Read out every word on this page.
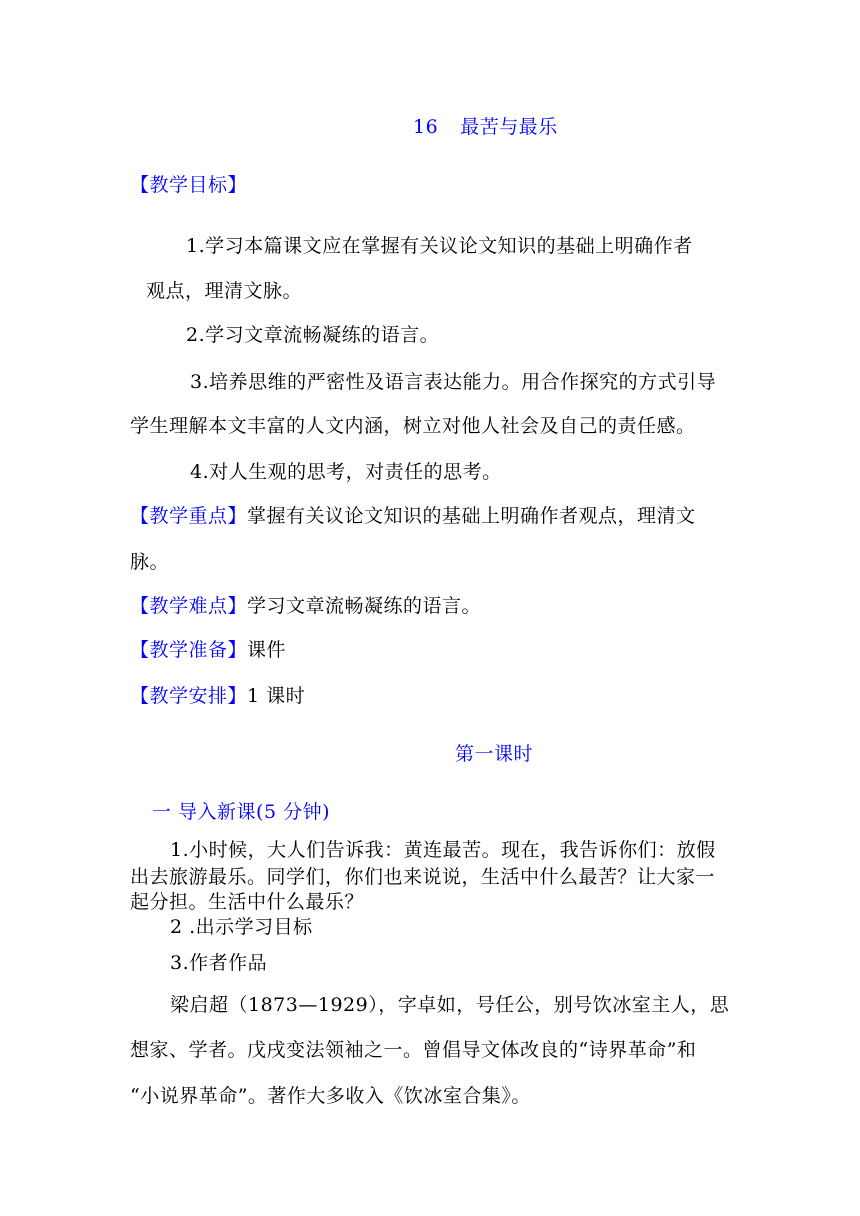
16 最苦与最乐
【教学目标】
1.学习本篇课文应在掌握有关议论文知识的基础上明确作者
观点，理清文脉。
2.学习文章流畅凝练的语言。
3.培养思维的严密性及语言表达能力。用合作探究的方式引导
学生理解本文丰富的人文内涵，树立对他人社会及自己的责任感。
4.对人生观的思考，对责任的思考。
【教学重点】掌握有关议论文知识的基础上明确作者观点，理清文
脉。
【教学难点】学习文章流畅凝练的语言。
【教学准备】课件
【教学安排】1 课时
第一课时
一 导入新课(5 分钟)
1.小时候，大人们告诉我：黄连最苦。现在，我告诉你们：放假
出去旅游最乐。同学们，你们也来说说，生活中什么最苦？让大家一
起分担。生活中什么最乐？
2 .出示学习目标
3.作者作品
梁启超（1873—1929），字卓如，号任公，别号饮冰室主人，思
想家、学者。戊戌变法领袖之一。曾倡导文体改良的“诗界革命”和
“小说界革命”。著作大多收入《饮冰室合集》。
